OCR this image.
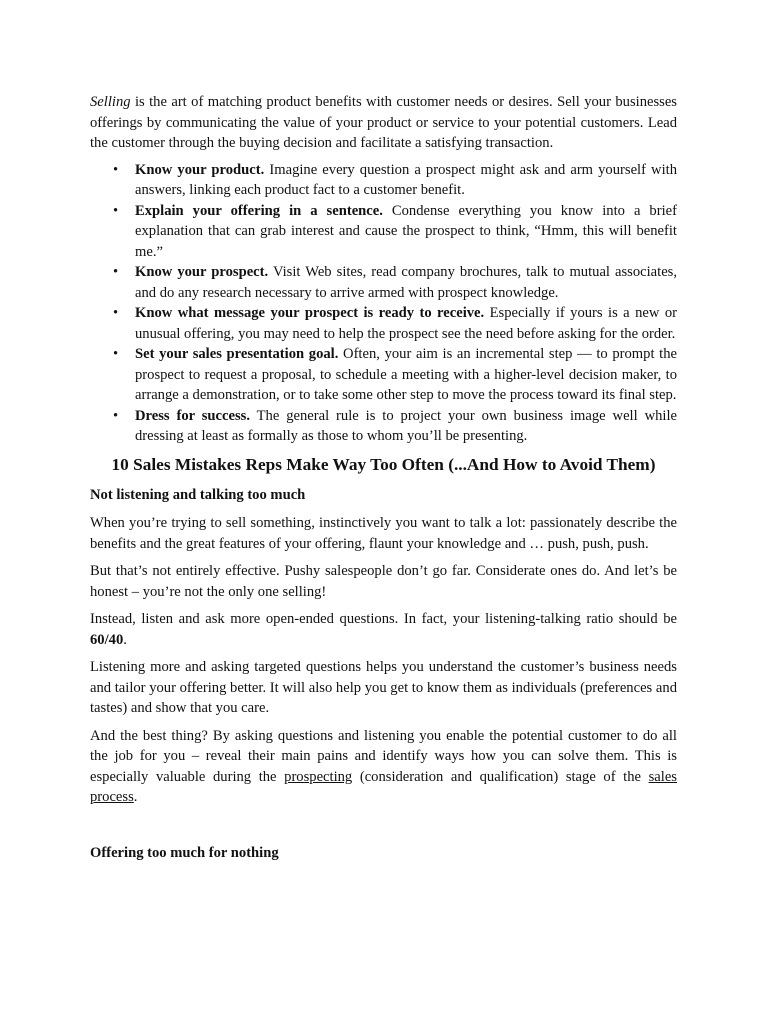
Selling is the art of matching product benefits with customer needs or desires. Sell your businesses offerings by communicating the value of your product or service to your potential customers. Lead the customer through the buying decision and facilitate a satisfying transaction.

• Know your product. Imagine every question a prospect might ask and arm yourself with answers, linking each product fact to a customer benefit.
• Explain your offering in a sentence. Condense everything you know into a brief explanation that can grab interest and cause the prospect to think, “Hmm, this will benefit me.”
• Know your prospect. Visit Web sites, read company brochures, talk to mutual associates, and do any research necessary to arrive armed with prospect knowledge.
• Know what message your prospect is ready to receive. Especially if yours is a new or unusual offering, you may need to help the prospect see the need before asking for the order.
• Set your sales presentation goal. Often, your aim is an incremental step — to prompt the prospect to request a proposal, to schedule a meeting with a higher-level decision maker, to arrange a demonstration, or to take some other step to move the process toward its final step.
• Dress for success. The general rule is to project your own business image well while dressing at least as formally as those to whom you’ll be presenting.
10 Sales Mistakes Reps Make Way Too Often (...And How to Avoid Them)
Not listening and talking too much

When you’re trying to sell something, instinctively you want to talk a lot: passionately describe the benefits and the great features of your offering, flaunt your knowledge and … push, push, push.

But that’s not entirely effective. Pushy salespeople don’t go far. Considerate ones do. And let’s be honest – you’re not the only one selling!

Instead, listen and ask more open-ended questions. In fact, your listening-talking ratio should be 60/40.

Listening more and asking targeted questions helps you understand the customer’s business needs and tailor your offering better. It will also help you get to know them as individuals (preferences and tastes) and show that you care.

And the best thing? By asking questions and listening you enable the potential customer to do all the job for you – reveal their main pains and identify ways how you can solve them. This is especially valuable during the prospecting (consideration and qualification) stage of the sales process.

Offering too much for nothing
